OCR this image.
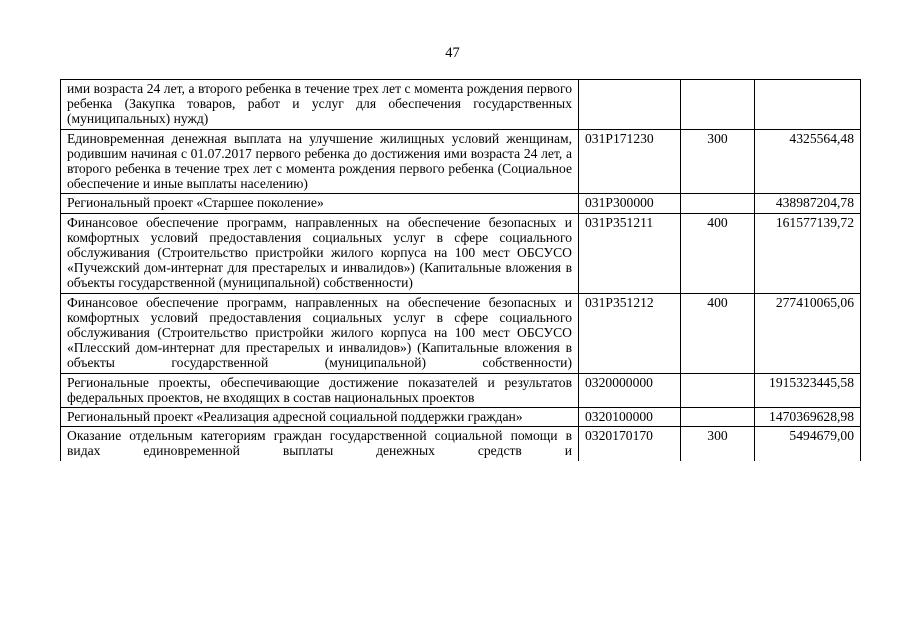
47
ими возраста 24 лет, а второго ребенка в течение трех лет с момента рождения первого ребенка (Закупка товаров, работ и услуг для обеспечения государственных (муниципальных) нужд)			
Единовременная денежная выплата на улучшение жилищных условий женщинам, родившим начиная с 01.07.2017 первого ребенка до достижения ими возраста 24 лет, а второго ребенка в течение трех лет с момента рождения первого ребенка (Социальное обеспечение и иные выплаты населению)	031P171230	300	4325564,48
Региональный проект «Старшее поколение»	031P300000		438987204,78
Финансовое обеспечение программ, направленных на обеспечение безопасных и комфортных условий предоставления социальных услуг в сфере социального обслуживания (Строительство пристройки жилого корпуса на 100 мест ОБСУСО «Пучежский дом-интернат для престарелых и инвалидов») (Капитальные вложения в объекты государственной (муниципальной) собственности)	031P351211	400	161577139,72
Финансовое обеспечение программ, направленных на обеспечение безопасных и комфортных условий предоставления социальных услуг в сфере социального обслуживания (Строительство пристройки жилого корпуса на 100 мест ОБСУСО «Плесский дом-интернат для престарелых и инвалидов») (Капитальные вложения в объекты государственной (муниципальной) собственности)	031P351212	400	277410065,06
Региональные проекты, обеспечивающие достижение показателей и результатов федеральных проектов, не входящих в состав национальных проектов	0320000000		1915323445,58
Региональный проект «Реализация адресной социальной поддержки граждан»	0320100000		1470369628,98
Оказание отдельным категориям граждан государственной социальной помощи в видах единовременной выплаты денежных средств и	0320170170	300	5494679,00
